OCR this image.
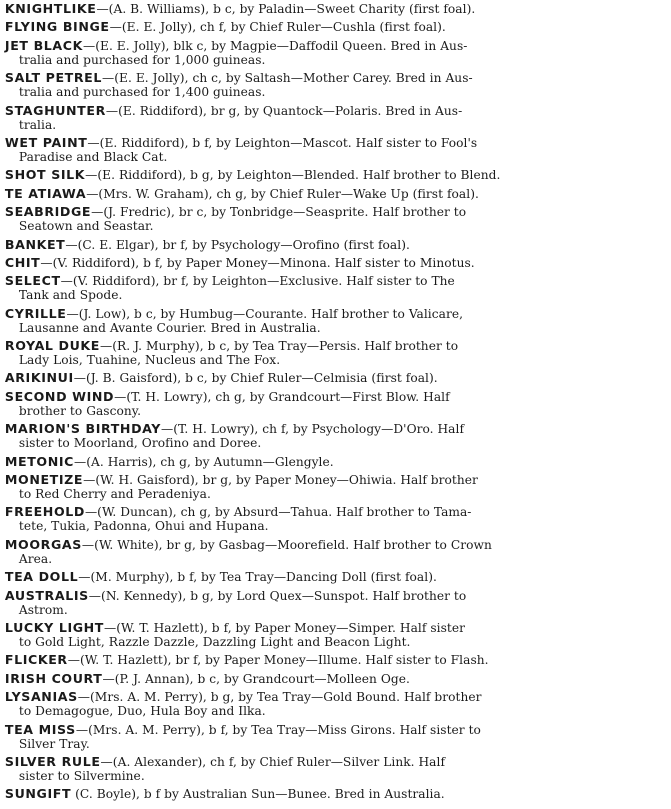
KNIGHTLIKE—(A. B. Williams), b c, by Paladin—Sweet Charity (first foal).
FLYING BINGE—(E. E. Jolly), ch f, by Chief Ruler—Cushla (first foal).
JET BLACK—(E. E. Jolly), blk c, by Magpie—Daffodil Queen. Bred in Aus-
tralia and purchased for 1,000 guineas.
SALT PETREL—(E. E. Jolly), ch c, by Saltash—Mother Carey. Bred in Aus-
tralia and purchased for 1,400 guineas.
STAGHUNTER—(E. Riddiford), br g, by Quantock—Polaris. Bred in Aus-
tralia.
WET PAINT—(E. Riddiford), b f, by Leighton—Mascot. Half sister to Fool's
Paradise and Black Cat.
SHOT SILK—(E. Riddiford), b g, by Leighton—Blended. Half brother to Blend.
TE ATIAWA—(Mrs. W. Graham), ch g, by Chief Ruler—Wake Up (first foal).
SEABRIDGE—(J. Fredric), br c, by Tonbridge—Seasprite. Half brother to
Seatown and Seastar.
BANKET—(C. E. Elgar), br f, by Psychology—Orofino (first foal).
CHIT—(V. Riddiford), b f, by Paper Money—Minona. Half sister to Minotus.
SELECT—(V. Riddiford), br f, by Leighton—Exclusive. Half sister to The
Tank and Spode.
CYRILLE—(J. Low), b c, by Humbug—Courante. Half brother to Valicare,
Lausanne and Avante Courier. Bred in Australia.
ROYAL DUKE—(R. J. Murphy), b c, by Tea Tray—Persis. Half brother to
Lady Lois, Tuahine, Nucleus and The Fox.
ARIKINUI—(J. B. Gaisford), b c, by Chief Ruler—Celmisia (first foal).
SECOND WIND—(T. H. Lowry), ch g, by Grandcourt—First Blow. Half
brother to Gascony.
MARION'S BIRTHDAY—(T. H. Lowry), ch f, by Psychology—D'Oro. Half
sister to Moorland, Orofino and Doree.
METONIC—(A. Harris), ch g, by Autumn—Glengyle.
MONETIZE—(W. H. Gaisford), br g, by Paper Money—Ohiwia. Half brother
to Red Cherry and Peradeniya.
FREEHOLD—(W. Duncan), ch g, by Absurd—Tahua. Half brother to Tama-
tete, Tukia, Padonna, Ohui and Hupana.
MOORGAS—(W. White), br g, by Gasbag—Moorefield. Half brother to Crown
Area.
TEA DOLL—(M. Murphy), b f, by Tea Tray—Dancing Doll (first foal).
AUSTRALIS—(N. Kennedy), b g, by Lord Quex—Sunspot. Half brother to
Astrom.
LUCKY LIGHT—(W. T. Hazlett), b f, by Paper Money—Simper. Half sister
to Gold Light, Razzle Dazzle, Dazzling Light and Beacon Light.
FLICKER—(W. T. Hazlett), br f, by Paper Money—Illume. Half sister to Flash.
IRISH COURT—(P. J. Annan), b c, by Grandcourt—Molleen Oge.
LYSANIAS—(Mrs. A. M. Perry), b g, by Tea Tray—Gold Bound. Half brother
to Demagogue, Duo, Hula Boy and Ilka.
TEA MISS—(Mrs. A. M. Perry), b f, by Tea Tray—Miss Girons. Half sister to
Silver Tray.
SILVER RULE—(A. Alexander), ch f, by Chief Ruler—Silver Link. Half
sister to Silvermine.
SUNGIFT (C. Boyle), b f by Australian Sun—Bunee. Bred in Australia.
